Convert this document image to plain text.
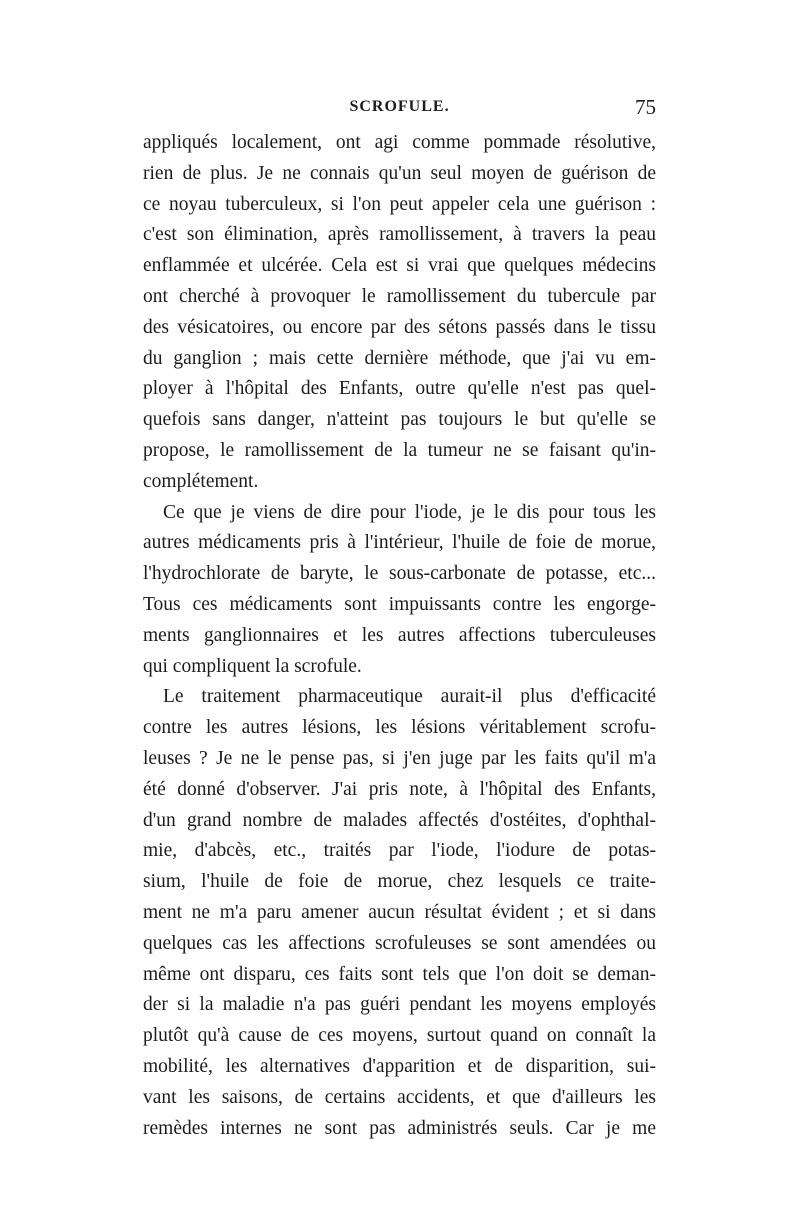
SCROFULE.	75
appliqués localement, ont agi comme pommade résolutive,
rien de plus. Je ne connais qu'un seul moyen de guérison de
ce noyau tuberculeux, si l'on peut appeler cela une guérison :
c'est son élimination, après ramollissement, à travers la peau
enflammée et ulcérée. Cela est si vrai que quelques médecins
ont cherché à provoquer le ramollissement du tubercule par
des vésicatoires, ou encore par des sétons passés dans le tissu
du ganglion ; mais cette dernière méthode, que j'ai vu em-
ployer à l'hôpital des Enfants, outre qu'elle n'est pas quel-
quefois sans danger, n'atteint pas toujours le but qu'elle se
propose, le ramollissement de la tumeur ne se faisant qu'in-
complétement.
Ce que je viens de dire pour l'iode, je le dis pour tous les
autres médicaments pris à l'intérieur, l'huile de foie de morue,
l'hydrochlorate de baryte, le sous-carbonate de potasse, etc...
Tous ces médicaments sont impuissants contre les engorge-
ments ganglionnaires et les autres affections tuberculeuses
qui compliquent la scrofule.
Le traitement pharmaceutique aurait-il plus d'efficacité
contre les autres lésions, les lésions véritablement scrofu-
leuses ? Je ne le pense pas, si j'en juge par les faits qu'il m'a
été donné d'observer. J'ai pris note, à l'hôpital des Enfants,
d'un grand nombre de malades affectés d'ostéites, d'ophthal-
mie, d'abcès, etc., traités par l'iode, l'iodure de potas-
sium, l'huile de foie de morue, chez lesquels ce traite-
ment ne m'a paru amener aucun résultat évident ; et si dans
quelques cas les affections scrofuleuses se sont amendées ou
même ont disparu, ces faits sont tels que l'on doit se deman-
der si la maladie n'a pas guéri pendant les moyens employés
plutôt qu'à cause de ces moyens, surtout quand on connaît la
mobilité, les alternatives d'apparition et de disparition, sui-
vant les saisons, de certains accidents, et que d'ailleurs les
remèdes internes ne sont pas administrés seuls. Car je me
